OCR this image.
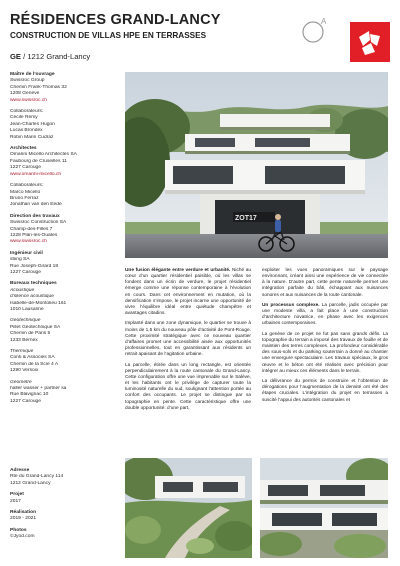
RÉSIDENCES GRAND-LANCY
CONSTRUCTION DE VILLAS HPE EN TERRASSES
GE / 1212 Grand-Lancy
A
Maître de l’ouvrage
Swissroc Group
Chemin Frank-Thomas 32
1208 Genève
www.swissroc.ch
Collaborateurs:
Cécile Rémy
Jean-Charles Hugon
Lucas Brondex
Robin Marin Cudraz
Architectes
Omarini Micello Architectes SA
Faubourg de Cruseilles 11
1227 Carouge
www.omarini-micello.ch
Collaborateurs:
Marco Micello
Bruno Ferraz
Jonathan van den Eede
Direction des travaux
Swissroc Construction SA
Champ-des-Filles 7
1228 Plan-les-Ouates
www.swissroc.ch
Ingénieur civil
sbing SA
Rue Joseph-Girard 18
1227 Carouge
Bureaux techniques
Acoustique
d’silence acoustique
Isabelle-de-Montolieu 161
1010 Lausanne
Géotechnique
Pillet Géotechnique SA
Chemin de Paris 5
1233 Bernex
Thermique
Conti & Associés SA
Chemin de la Scie 4 A
1290 Versoix
Géomètre
haller wasser + partner sa
Rue Blavignac 10
1227 Carouge
Adresse
Rte du Grand-Lancy 114
1212 Grand-Lancy
Projet
2017
Réalisation
2019 - 2021
Photos
©Jyod.com
ZOT17

Une fusion élégante entre verdure et urbanité. Niché au cœur d’un quartier résidentiel paisible, où les villas se fondent dans un écrin de verdure, le projet résidentiel émerge comme une réponse contemporaine à l’évolution en cours. Dans cet environnement en mutation, où la densification s’impose, le projet incarne une opportunité de vivre l’équilibre idéal entre quiétude champêtre et avantages citadins.

Implanté dans une zone dynamique, le quartier se trouve à moins de 1,5 km du nouveau pôle d’activité de Pont-Rouge. Cette proximité stratégique avec ce nouveau quartier d’affaires promet une accessibilité aisée aux opportunités professionnelles, tout en garantissant aux résidents un retrait apaisant de l’agitation urbaine.

La parcelle, étirée dans un long rectangle, est orientée perpendiculairement à la route cantonale du Grand-Lancy. Cette configuration offre une vue imprenable sur le Salève, et les habitants ont le privilège de capturer toute la luminosité naturelle du sud, soulignant l’attention portée au confort des occupants. Le projet se distingue par sa topographie en pente. Cette caractéristique offre une double opportunité: d’une part,

exploiter les vues panoramiques sur le paysage environnant, créant ainsi une expérience de vie connectée à la nature. D’autre part, cette pente naturelle permet une intégration parfaite du bâti, échappant aux nuisances sonores et aux nuisances de la route cantonale.

Un processus complexe. La parcelle, jadis occupée par une modeste villa, a fait place à une construction d’architecture novatrice, en phase avec les exigences urbaines contemporaines.

La genèse de ce projet ne fut pas sans grands défis. La topographie du terrain a imposé des travaux de fouille et de maintien des terres complexes. La profondeur considérable des sous-sols et du parking souterrain a donné au chantier une envergure spectaculaire. Les travaux spéciaux, le gros œuvre et le béton ont été réalisés avec précision pour intégrer au mieux ces éléments dans le terrain.

La délivrance du permis de construire et l’obtention de dérogations pour l’augmentation de la densité ont été des étapes cruciales. L’intégration du projet en terrasses a suscité l’appui des autorités cantonales et
